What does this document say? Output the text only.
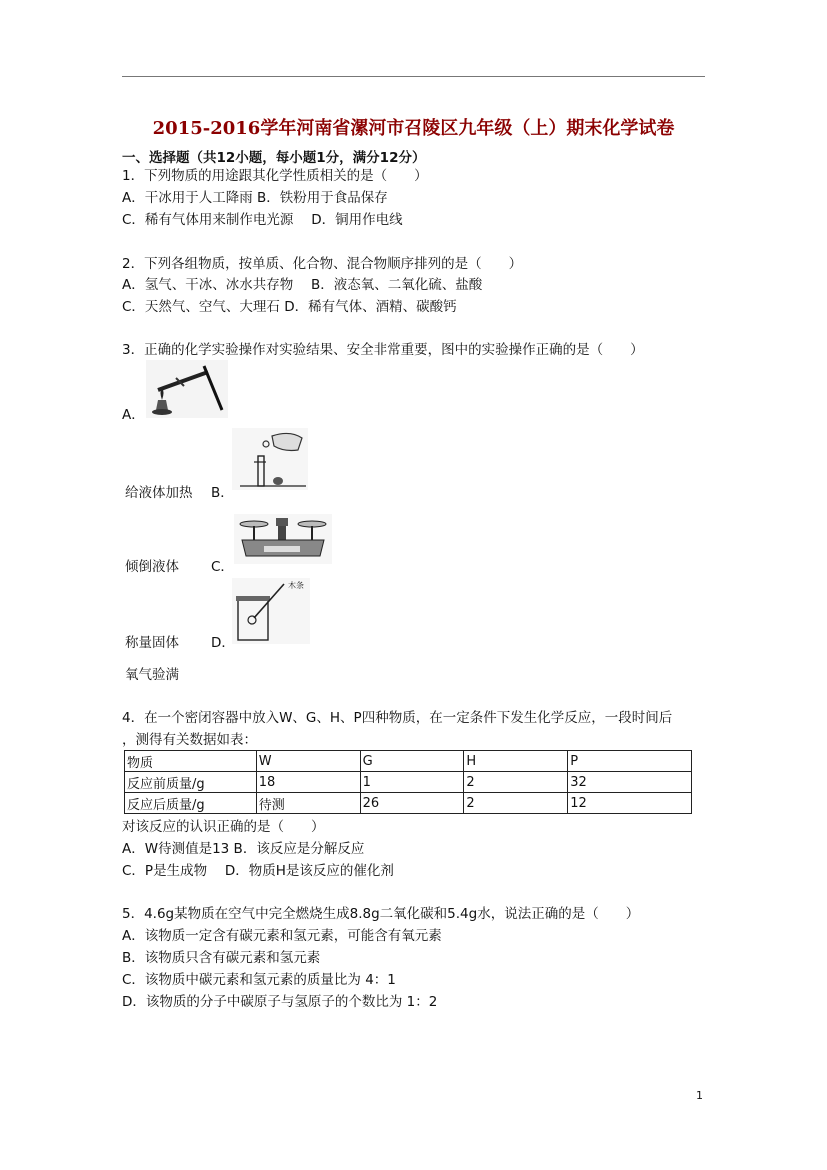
2015-2016学年河南省漯河市召陵区九年级（上）期末化学试卷
一、选择题（共12小题，每小题1分，满分12分）
1．下列物质的用途跟其化学性质相关的是（　　）
A．干冰用于人工降雨 B．铁粉用于食品保存
C．稀有气体用来制作电光源　 D．铜用作电线
2．下列各组物质，按单质、化合物、混合物顺序排列的是（　　）
A．氢气、干冰、冰水共存物　 B．液态氧、二氧化硫、盐酸
C．天然气、空气、大理石 D．稀有气体、酒精、碳酸钙
3．正确的化学实验操作对实验结果、安全非常重要，图中的实验操作正确的是（　　）
A．
给液体加热 B．
倾倒液体 C．
木条
称量固体 D．
氧气验满
4．在一个密闭容器中放入W、G、H、P四种物质，在一定条件下发生化学反应，一段时间后
，测得有关数据如表：
物质	W	G	H	P
反应前质量/g	18	1	2	32
反应后质量/g	待测	26	2	12
对该反应的认识正确的是（　　）
A．W待测值是13 B．该反应是分解反应
C．P是生成物　 D．物质H是该反应的催化剂
5．4.6g某物质在空气中完全燃烧生成8.8g二氧化碳和5.4g水，说法正确的是（　　）
A．该物质一定含有碳元素和氢元素，可能含有氧元素
B．该物质只含有碳元素和氢元素
C．该物质中碳元素和氢元素的质量比为 4：1
D．该物质的分子中碳原子与氢原子的个数比为 1：2
1
